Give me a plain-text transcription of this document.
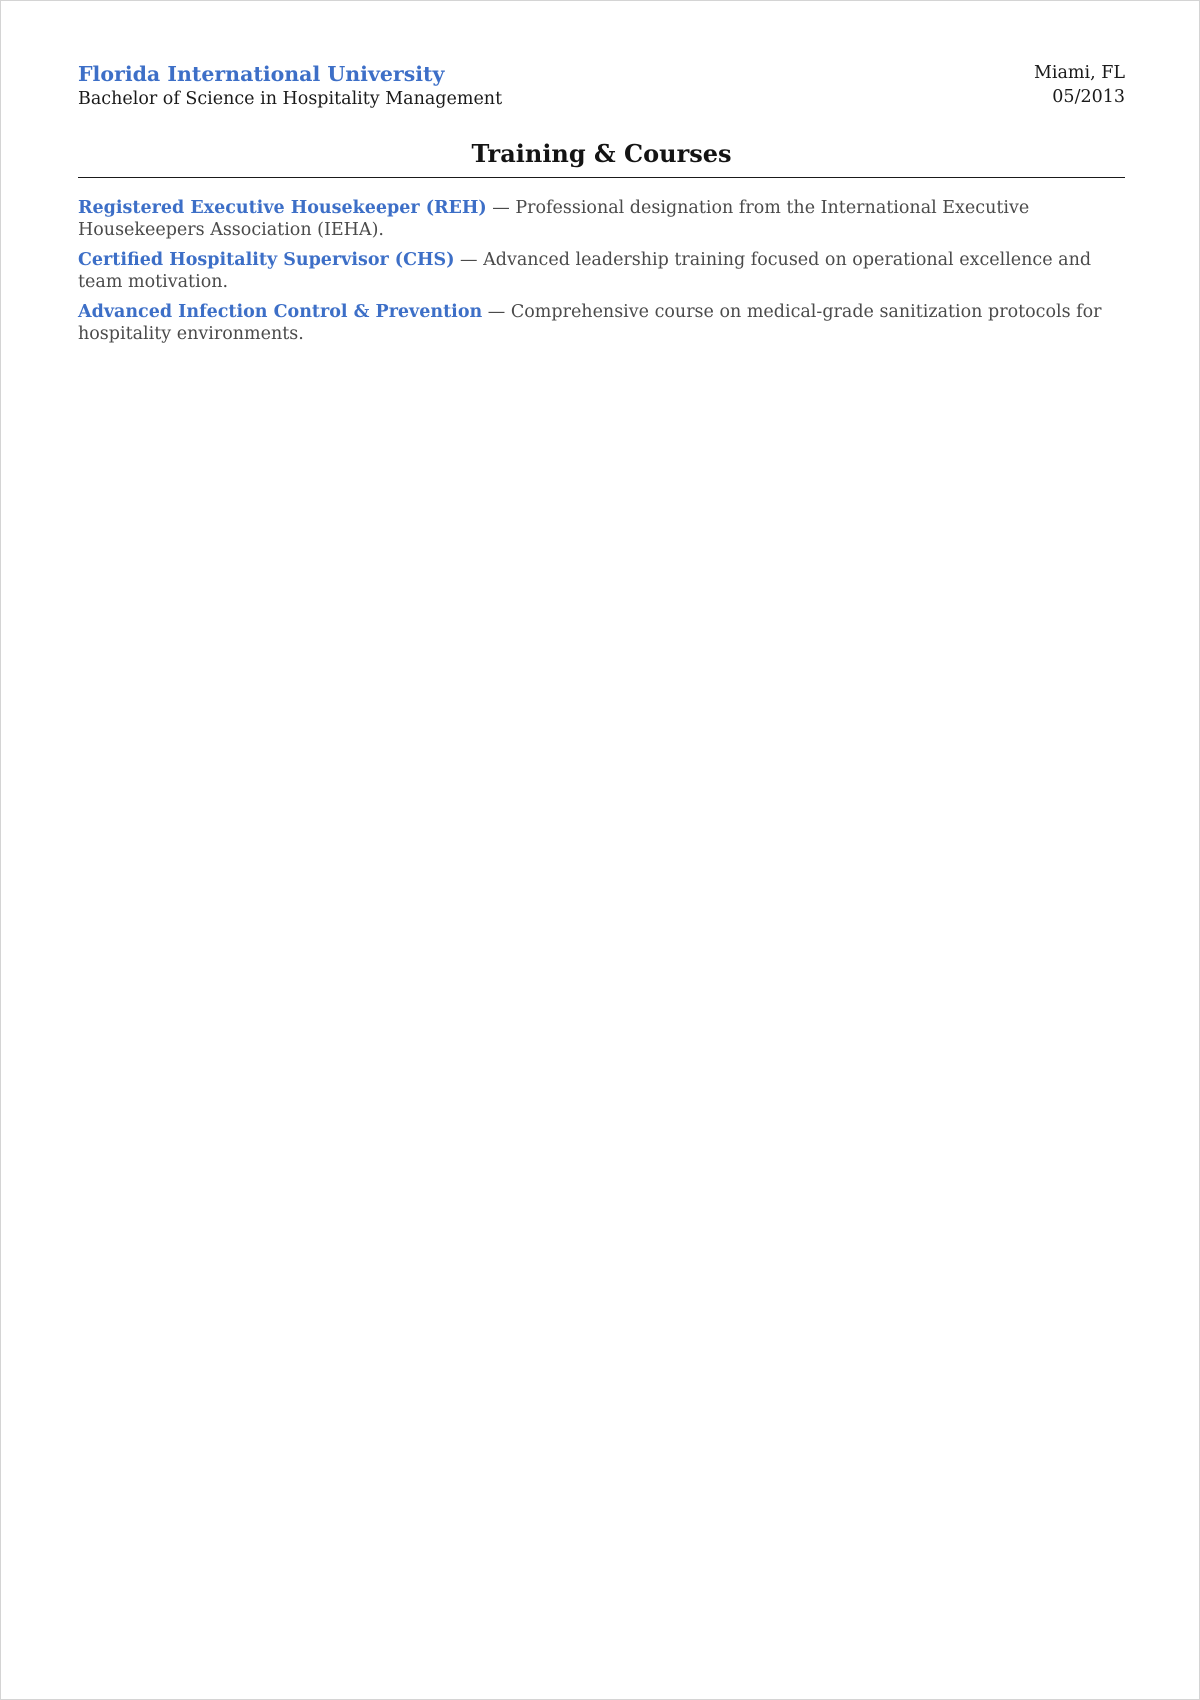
Florida International University
Bachelor of Science in Hospitality Management
Miami, FL
05/2013
Training & Courses
Registered Executive Housekeeper (REH) — Professional designation from the International Executive Housekeepers Association (IEHA).
Certified Hospitality Supervisor (CHS) — Advanced leadership training focused on operational excellence and team motivation.
Advanced Infection Control & Prevention — Comprehensive course on medical-grade sanitization protocols for hospitality environments.
